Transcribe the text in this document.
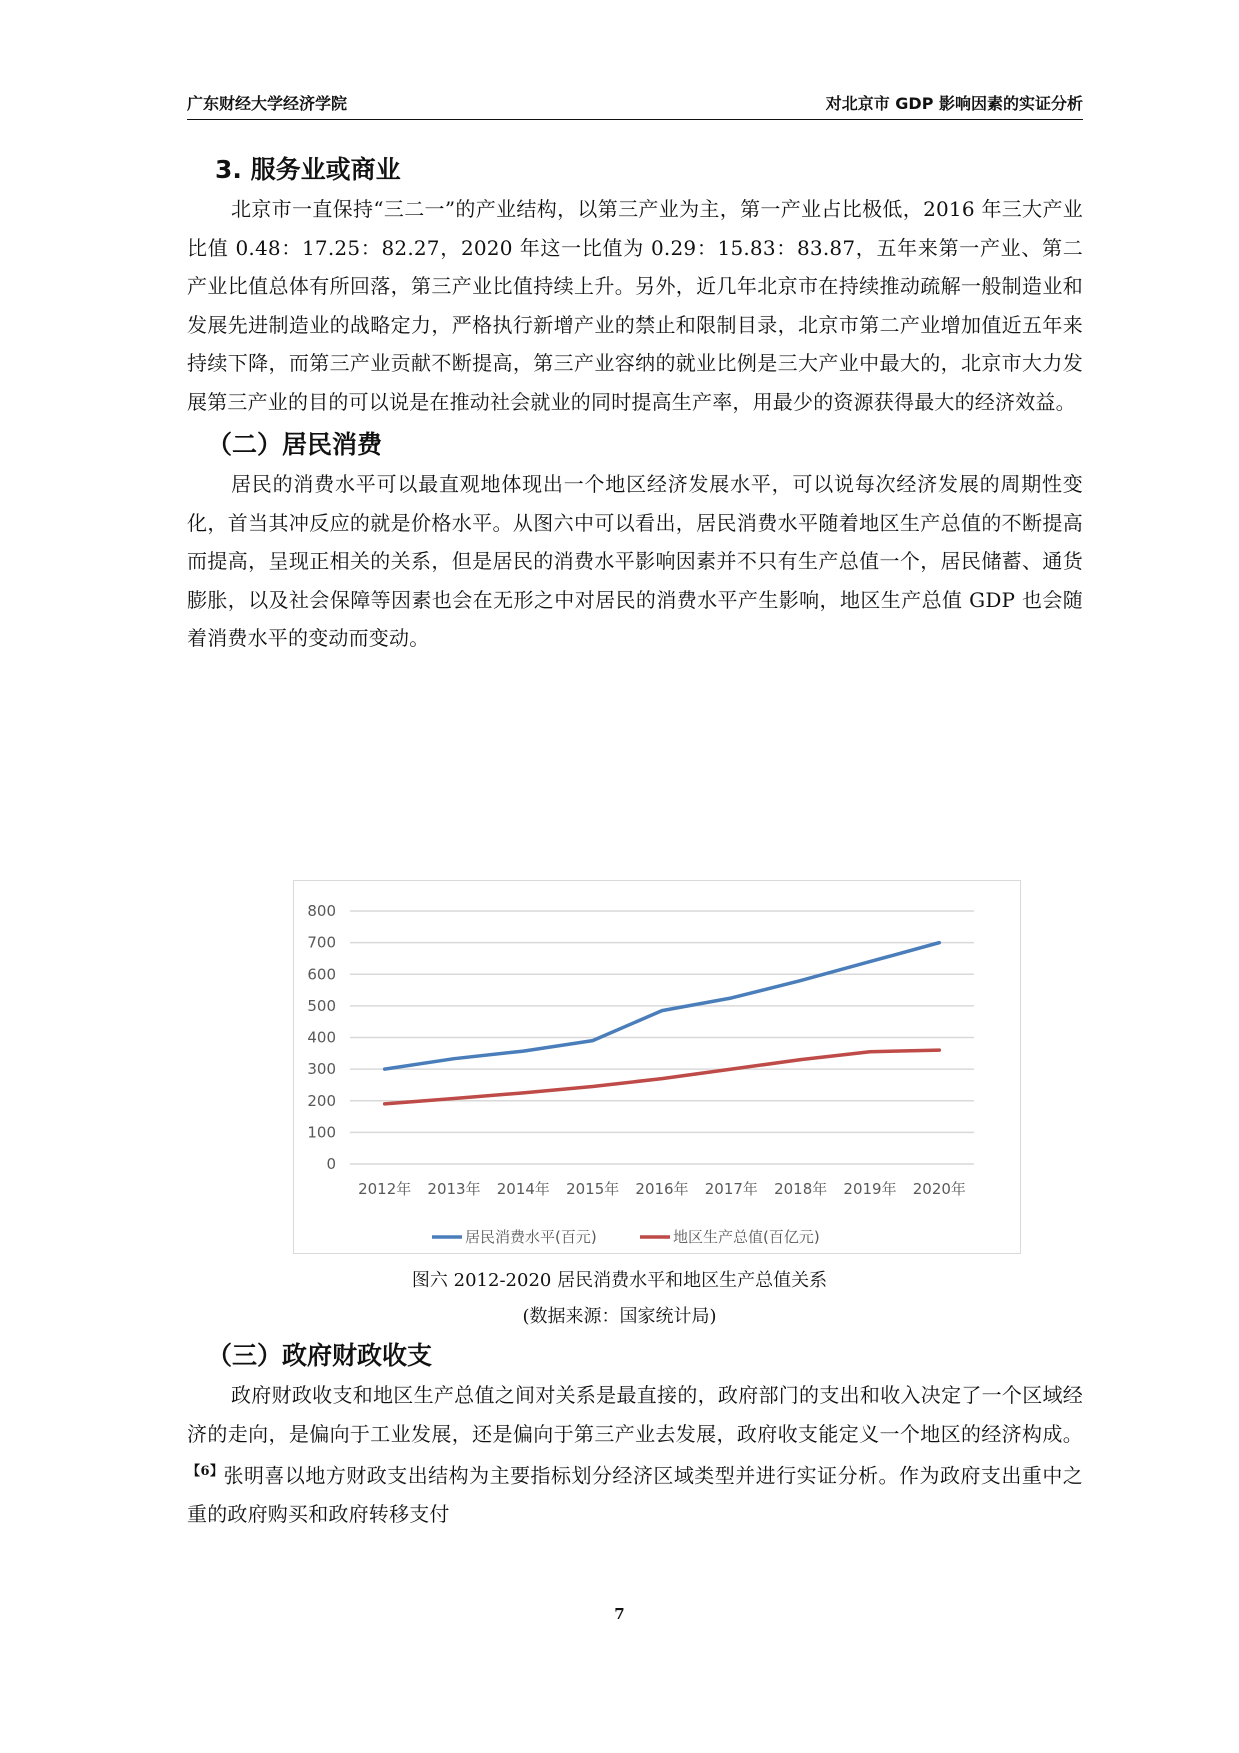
广东财经大学经济学院	对北京市 GDP 影响因素的实证分析
3. 服务业或商业

北京市一直保持“三二一”的产业结构，以第三产业为主，第一产业占比极低，2016 年三大产业比值 0.48：17.25：82.27，2020 年这一比值为 0.29：15.83：83.87，五年来第一产业、第二产业比值总体有所回落，第三产业比值持续上升。另外，近几年北京市在持续推动疏解一般制造业和发展先进制造业的战略定力，严格执行新增产业的禁止和限制目录，北京市第二产业增加值近五年来持续下降，而第三产业贡献不断提高，第三产业容纳的就业比例是三大产业中最大的，北京市大力发展第三产业的目的可以说是在推动社会就业的同时提高生产率，用最少的资源获得最大的经济效益。

（二）居民消费

居民的消费水平可以最直观地体现出一个地区经济发展水平，可以说每次经济发展的周期性变化，首当其冲反应的就是价格水平。从图六中可以看出，居民消费水平随着地区生产总值的不断提高而提高，呈现正相关的关系，但是居民的消费水平影响因素并不只有生产总值一个，居民储蓄、通货膨胀，以及社会保障等因素也会在无形之中对居民的消费水平产生影响，地区生产总值 GDP 也会随着消费水平的变动而变动。

0
100
200
300
400
500
600
700
800
2012年 2013年 2014年 2015年 2016年 2017年 2018年 2019年 2020年
居民消费水平(百元)	地区生产总值(百亿元)
图六 2012-2020 居民消费水平和地区生产总值关系
(数据来源：国家统计局)
（三）政府财政收支

政府财政收支和地区生产总值之间对关系是最直接的，政府部门的支出和收入决定了一个区域经济的走向，是偏向于工业发展，还是偏向于第三产业去发展，政府收支能定义一个地区的经济构成。$^{【6】}$张明喜以地方财政支出结构为主要指标划分经济区域类型并进行实证分析。作为政府支出重中之重的政府购买和政府转移支付

7
